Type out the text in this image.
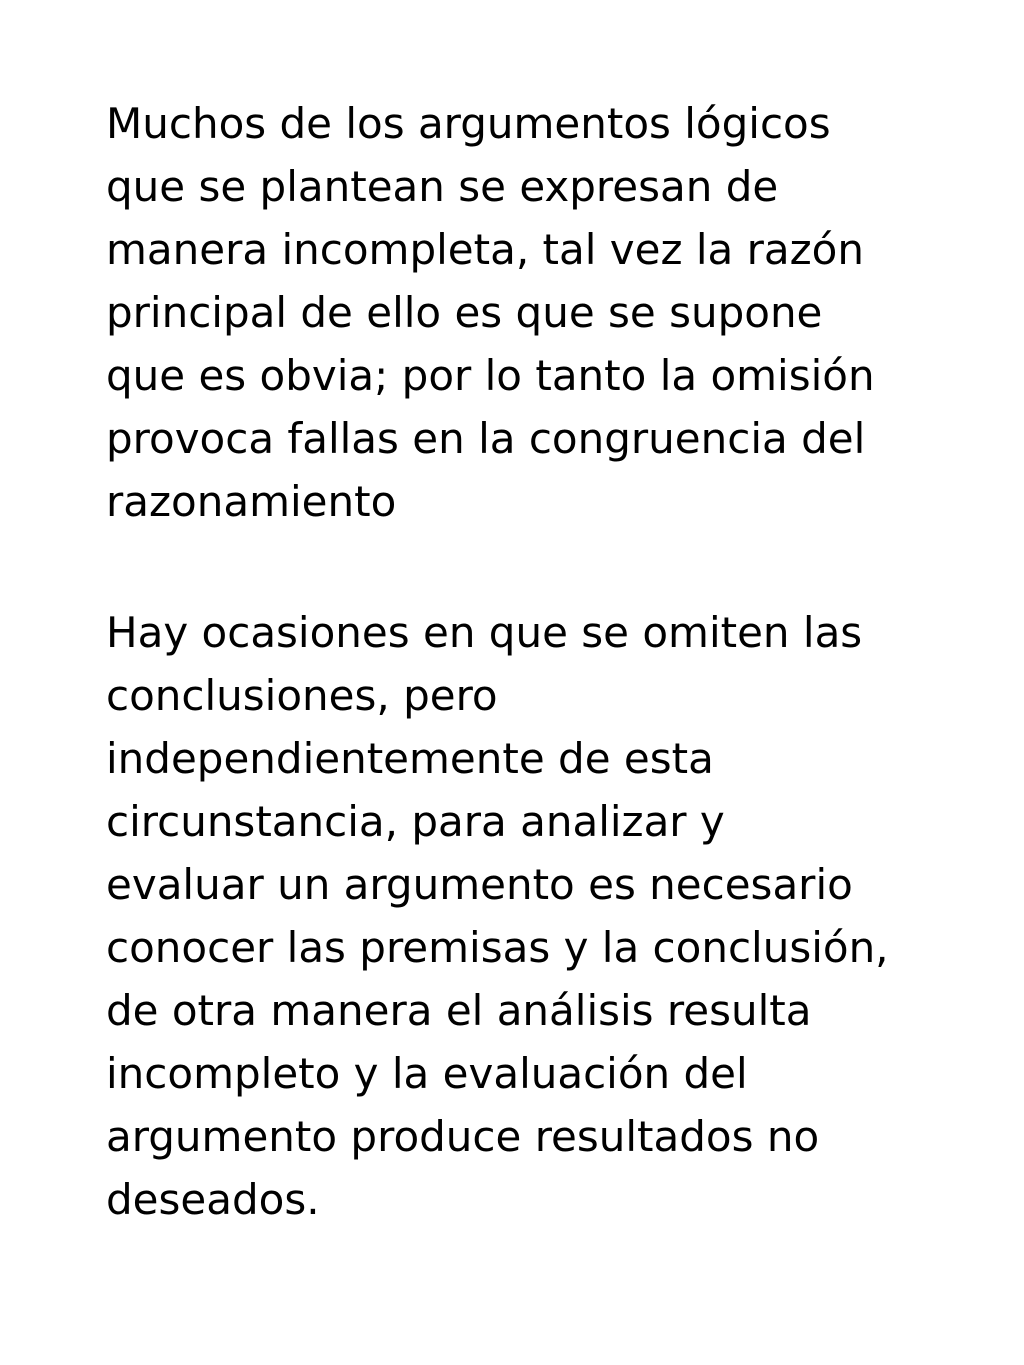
Muchos de los argumentos lógicos
que se plantean se expresan de
manera incompleta, tal vez la razón
principal de ello es que se supone
que es obvia; por lo tanto la omisión
provoca fallas en la congruencia del
razonamiento
Hay ocasiones en que se omiten las
conclusiones, pero
independientemente de esta
circunstancia, para analizar y
evaluar un argumento es necesario
conocer las premisas y la conclusión,
de otra manera el análisis resulta
incompleto y la evaluación del
argumento produce resultados no
deseados.
